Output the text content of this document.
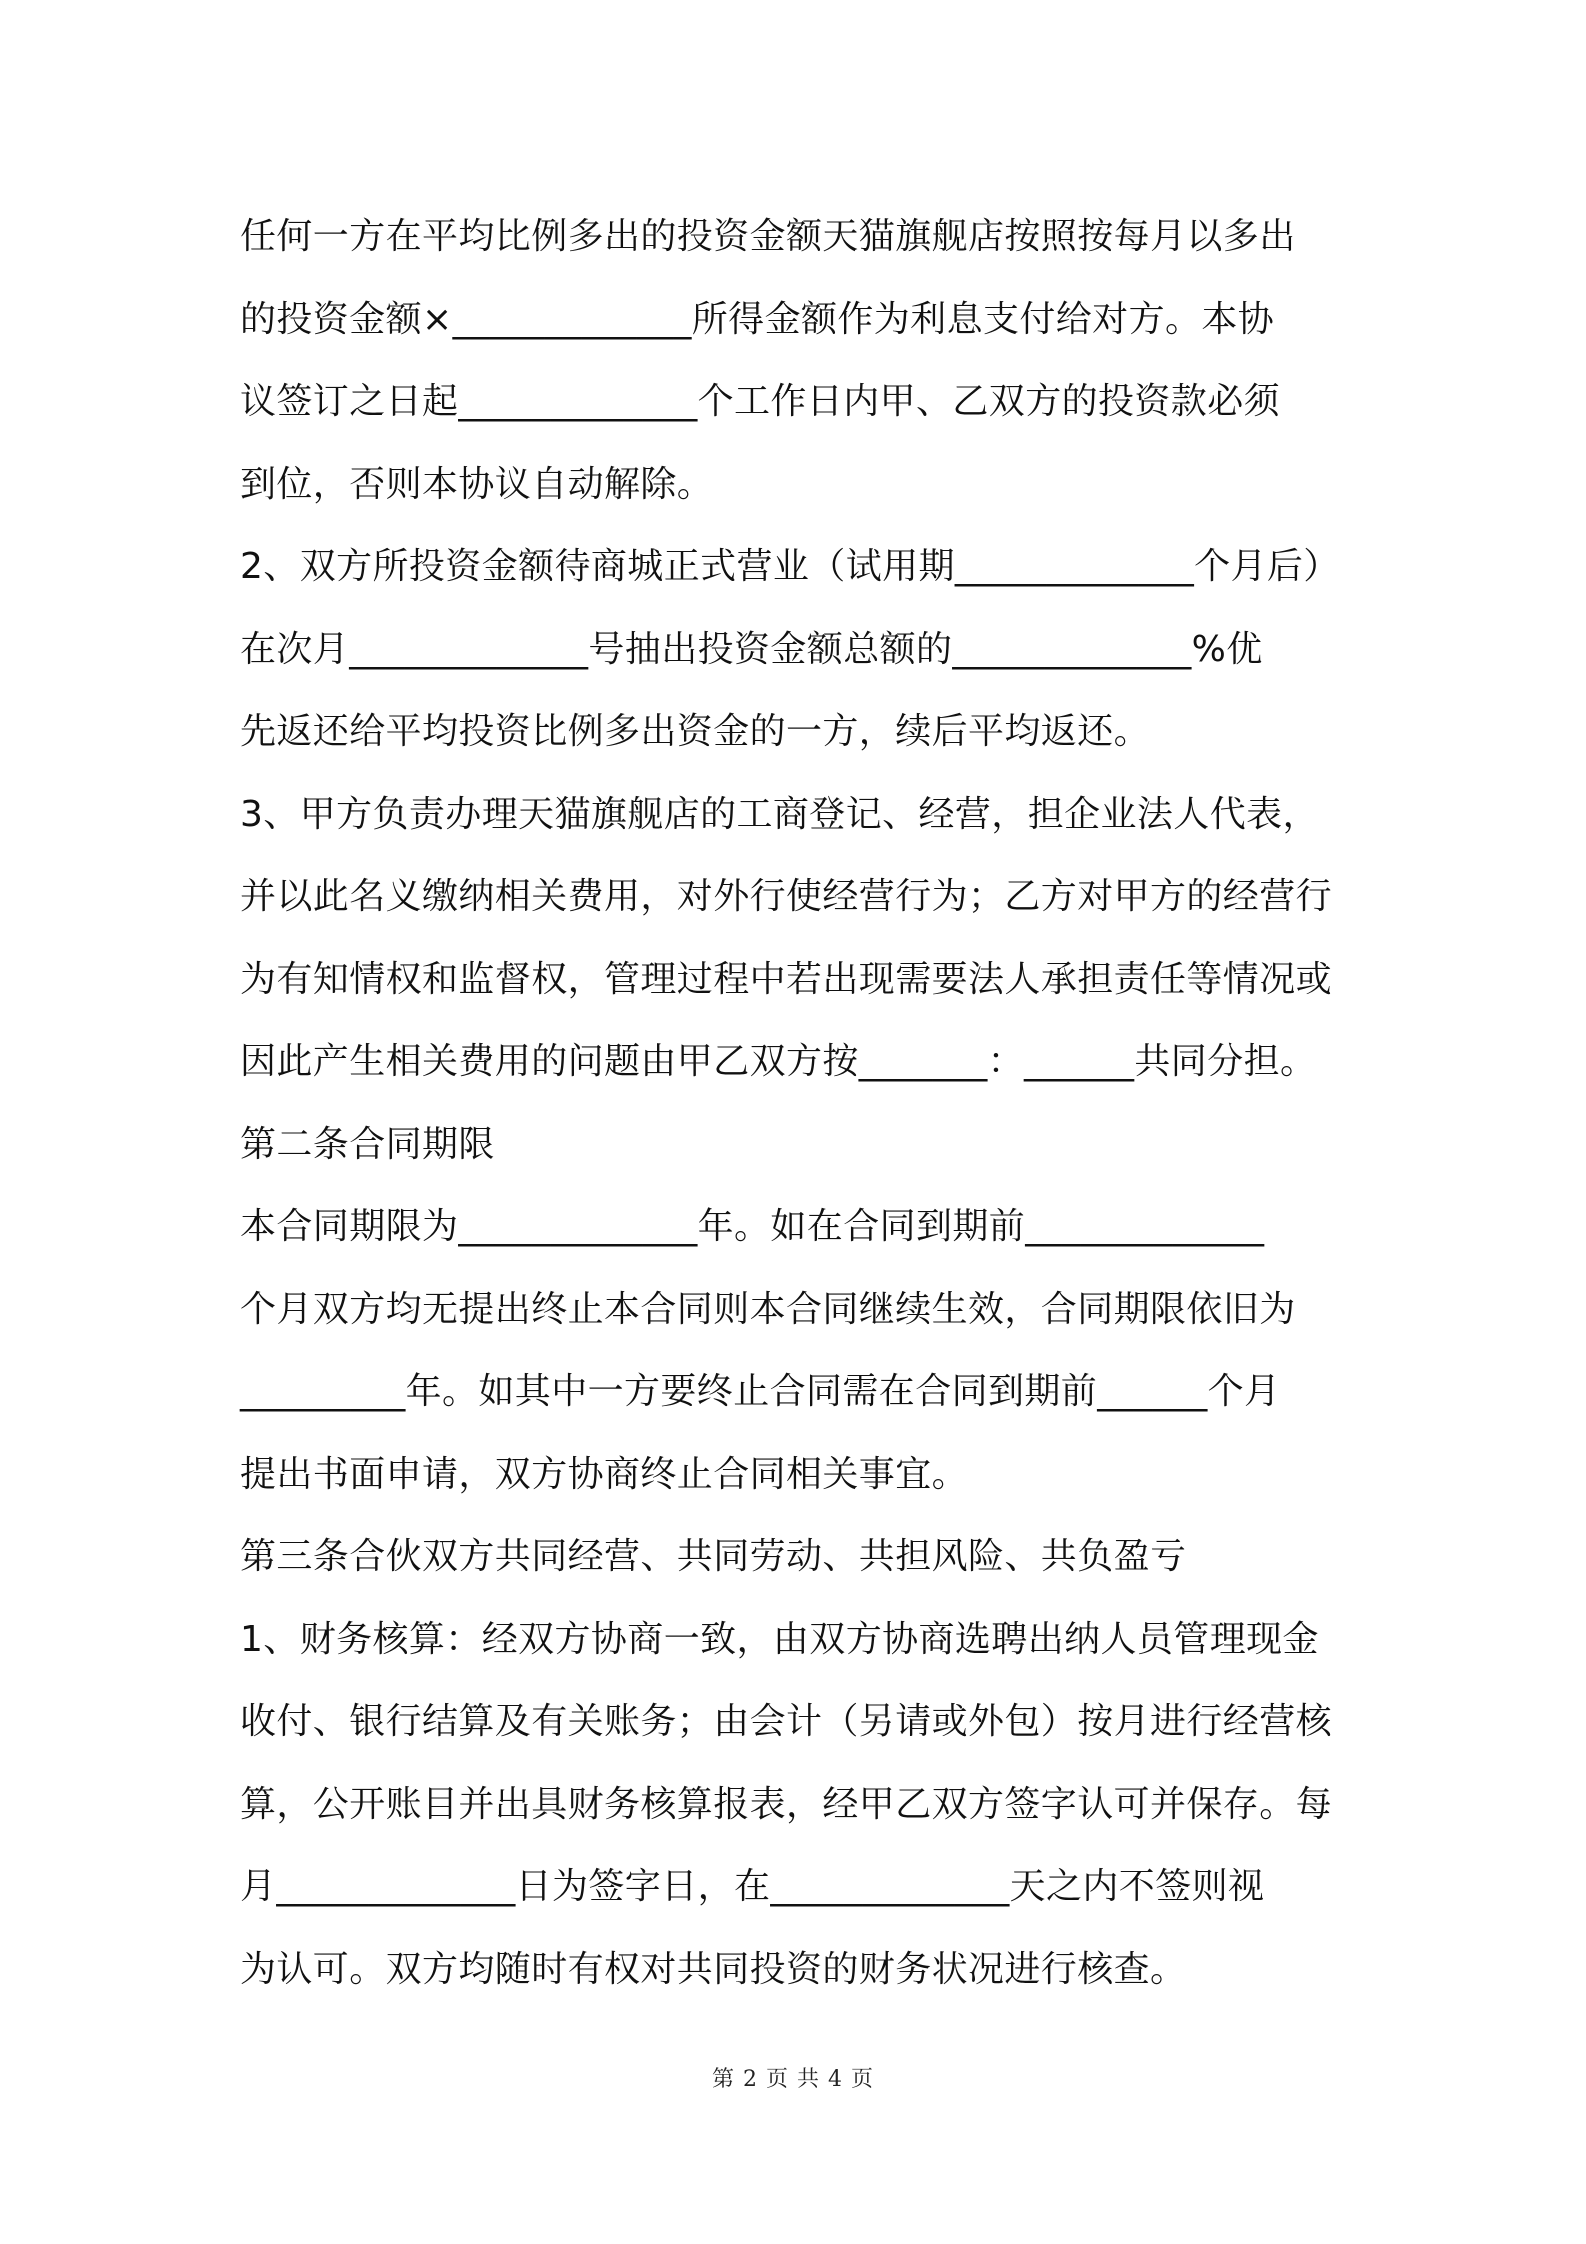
任何一方在平均比例多出的投资金额天猫旗舰店按照按每月以多出
的投资金额×_____________所得金额作为利息支付给对方。本协
议签订之日起_____________个工作日内甲、乙双方的投资款必须
到位，否则本协议自动解除。
2、双方所投资金额待商城正式营业（试用期_____________个月后）
在次月_____________号抽出投资金额总额的_____________%优
先返还给平均投资比例多出资金的一方，续后平均返还。
3、甲方负责办理天猫旗舰店的工商登记、经营，担企业法人代表，
并以此名义缴纳相关费用，对外行使经营行为；乙方对甲方的经营行
为有知情权和监督权，管理过程中若出现需要法人承担责任等情况或
因此产生相关费用的问题由甲乙双方按_______：______共同分担。
第二条合同期限
本合同期限为_____________年。如在合同到期前_____________
个月双方均无提出终止本合同则本合同继续生效，合同期限依旧为
_________年。如其中一方要终止合同需在合同到期前______个月
提出书面申请，双方协商终止合同相关事宜。
第三条合伙双方共同经营、共同劳动、共担风险、共负盈亏
1、财务核算：经双方协商一致，由双方协商选聘出纳人员管理现金
收付、银行结算及有关账务；由会计（另请或外包）按月进行经营核
算，公开账目并出具财务核算报表，经甲乙双方签字认可并保存。每
月_____________日为签字日，在_____________天之内不签则视
为认可。双方均随时有权对共同投资的财务状况进行核查。
第 2 页 共 4 页
